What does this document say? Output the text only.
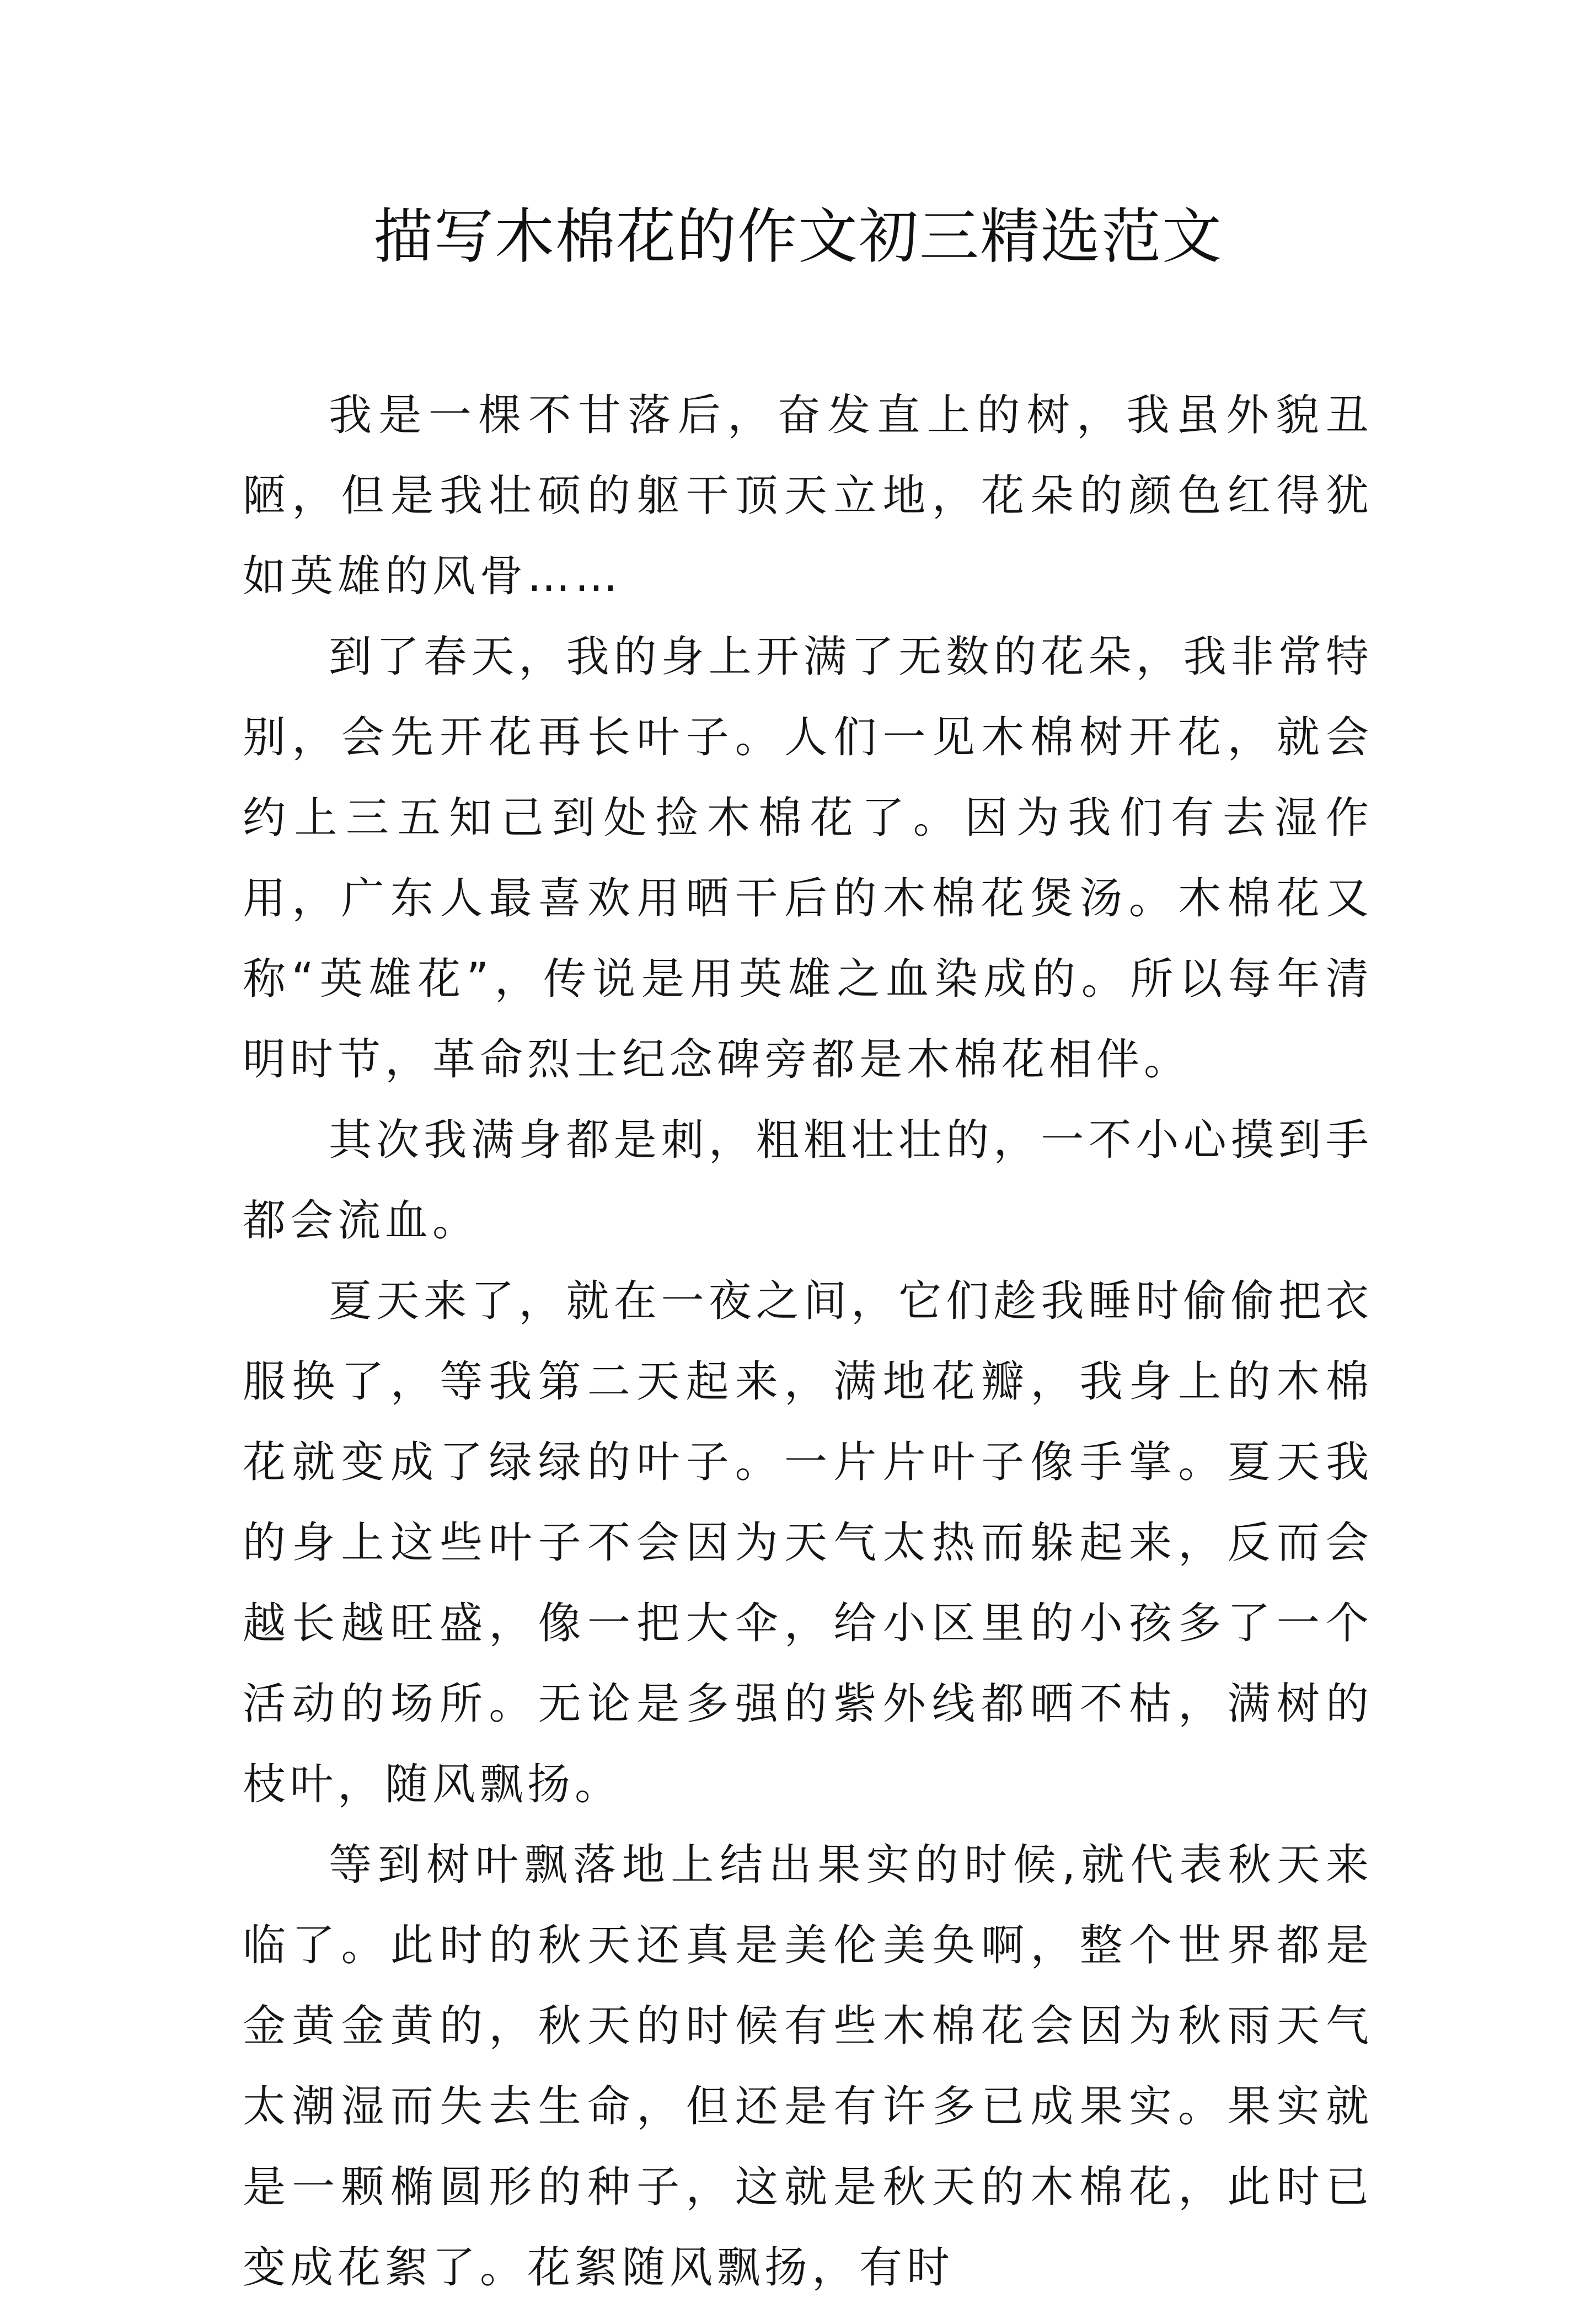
描写木棉花的作文初三精选范文

我是一棵不甘落后，奋发直上的树，我虽外貌丑陋，但是我壮硕的躯干顶天立地，花朵的颜色红得犹如英雄的风骨……

到了春天，我的身上开满了无数的花朵，我非常特别，会先开花再长叶子。人们一见木棉树开花，就会约上三五知己到处捡木棉花了。因为我们有去湿作用，广东人最喜欢用晒干后的木棉花煲汤。木棉花又称“英雄花”，传说是用英雄之血染成的。所以每年清明时节，革命烈士纪念碑旁都是木棉花相伴。

其次我满身都是刺，粗粗壮壮的，一不小心摸到手都会流血。

夏天来了，就在一夜之间，它们趁我睡时偷偷把衣服换了，等我第二天起来，满地花瓣，我身上的木棉花就变成了绿绿的叶子。一片片叶子像手掌。夏天我的身上这些叶子不会因为天气太热而躲起来，反而会越长越旺盛，像一把大伞，给小区里的小孩多了一个活动的场所。无论是多强的紫外线都晒不枯，满树的枝叶，随风飘扬。

等到树叶飘落地上结出果实的时候,就代表秋天来临了。此时的秋天还真是美伦美奂啊，整个世界都是金黄金黄的，秋天的时候有些木棉花会因为秋雨天气太潮湿而失去生命，但还是有许多已成果实。果实就是一颗椭圆形的种子，这就是秋天的木棉花，此时已变成花絮了。花絮随风飘扬，有时
